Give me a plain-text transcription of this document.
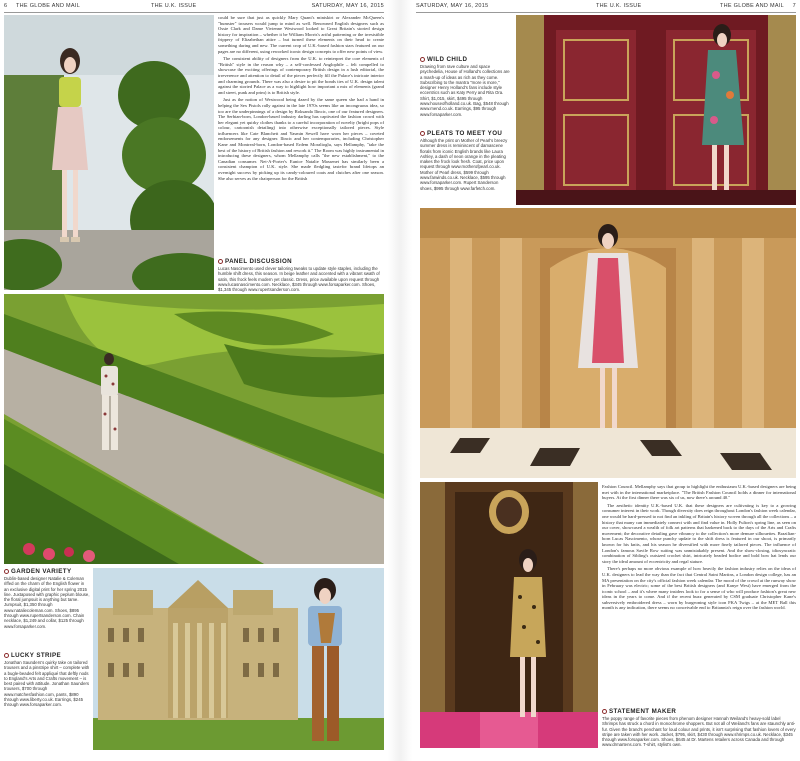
6 THE GLOBE AND MAIL	THE U.K. ISSUE	SATURDAY, MAY 16, 2015

could be sure that just as quickly Mary Quant's miniskirt or Alexander McQueen's "bumster" trousers would jump to mind as well. Renowned English designers such as Ossie Clark and Dame Vivienne Westwood looked to Great Britain's storied design history for inspiration – whether it be William Morris's artful patterning or the irresistible frippery of Elizabethan attire – but turned these elements on their head to create something daring and new. The current crop of U.K.-based fashion stars featured on our pages are no different, using reworked iconic design concepts to offer new points of view.

The consistent ability of designers from the U.K. to reinterpret the core elements of "British" style in the reason why – a self-confessed Anglophile – felt compelled to showcase the exciting offerings of contemporary British design in a lush editorial, the irreverence and attention to detail of the pieces perfectly fill the Palace's intricate interior and charming grounds. There was also a desire to pit the bonds ties of U.K. design talent against the storied Palace as a way to highlight how important a mix of elements (grand and street, punk and prim) is to British style.

Just as the notion of Westwood being dazed by the same queen she had a hand in helping the Sex Pistols rally against in the late 1970s seems like an incongruous idea, so too are the underpinnings of a design by Roksanda Ilincic, one of our featured designers. The Serbian-born, London-based industry darling has captivated the fashion crowd with her elegant yet quirky clothes thanks to a careful incorporation of novelty (bright pops of colour, cartoonish detailing) into otherwise exceptionally tailored pieces. Style influencers like Cate Blanchett and Yasmin Sewell have worn her pieces – coveted endorsements for any designer. Ilincic and her contemporaries, including Christopher Kane and Montreal-born, London-based Erdem Moralioglu, says Hellamphy, "take the best of the history of British fashion and rework it." The Room was highly instrumental in introducing these designers, whom Mellamphy calls "the new establishment," to the Canadian consumer. Net-A-Porter's Eunice Natalie Massenet has similarly been a consistent champion of U.K. style. She made fledgling tastefor brand lifetops an overnight success by picking up its candy-coloured coats and clutches after one season. She also serves as the chairperson for the British

PANEL DISCUSSION
Lucas Nascimento used clever tailoring tweaks to update style staples, including the humble shift dress, this season. In beige leather and accented with a vibrant swath of satin, this frock feels modern yet classic. Dress, price available upon request through www.lucasnascimento.com. Necklace, $345 through www.forsaparker.com. Shoes, $1,345 through www.rupertsanderson.com.
GARDEN VARIETY
Dublin-based designer Natalie & Coleman riffed on the charm of the English flower in an exclusive digital print for her spring 2015 line. Juxtaposed with graphic peplum blouse, the floral jumpsuit is anything but tame. Jumpsuit, $1,350 through www.nataliecoleman.com. Shoes, $895 through www.rupertsanderson.com. Chain necklace, $1,249 and collar, $125 through www.forsaparker.com.
LUCKY STRIPE
Jonathan Saunders's quirky take on tailored trousers and a pinstripe shirt – complete with a bugle-beaded felt appliqué that deftly nods to England's Arts and Crafts movement – is best paired with attitude. Jonathan Saunders trousers, $700 through www.matchesfashion.com, pants, $890 through www.liberty.co.uk. Earrings, $245 through www.forsaparker.com.
SATURDAY, MAY 16, 2015	THE U.K. ISSUE	THE GLOBE AND MAIL 7
WILD CHILD
Drawing from rave culture and space psychedelia, House of Holland's collections are a mash-up of ideas as rich as they come. Subscribing to the mantra "more is more," designer Henry Holland's fans include style eccentrics such as Katy Perry and Rita Ora. Shirt, $1,015, skirt, $495 through www.houseofholland.co.uk. Bag, $548 through www.mend.co.uk. Earrings, $95 through www.forsaparker.com.
PLEATS TO MEET YOU
Although the print on Mother of Pearl's breezy summer dress is reminiscent of damascene florals from iconic English brands like Laura Ashley, a dash of neon orange in the pleating makes the frock look fresh. Coat, price upon request through www.motherofpearl.co.uk. Mother of Pearl dress, $599 through www.farwinds.co.uk. Necklace, $595 through www.forsaparker.com. Rupert Sanderson shoes, $995 through www.farfetch.com.

Fashion Council. Mellamphy says that group to highlight the enthusiasm U.K.-based designers are being met with in the international marketplace. "The British Fashion Council holds a dinner for international buyers. At the first dinner there was six of us, now there's around 40."

The aesthetic identity U.K.-based U.K. that these designers are cultivating is key to a growing consumer interest in their work. Though diversity does reign throughout London's fashion week calendar, one would be hard-pressed to not find an inkling of Britain's history woven through all the collections – a history that many can immediately connect with and find value in. Holly Fulton's spring line, as seen on our cover, showcased a wealth of folk art patterns that harkened back to the days of the Arts and Crafts movement; the decorative detailing gave vibrancy to the collection's more demure silhouettes. Brazilian-born Lucas Nascimento, whose punchy update to the shift dress is featured in our shoot, is primarily known for his knits, and his season he diversified with more finely tailored pieces. The influence of London's famous Savile Row suiting was unmistakably present. And the show-closing, idiosyncratic combination of Sibling's outsized crochet shirt, intricately beaded bodice and bold bow hat lends our story the ideal amount of eccentricity and regal stature.

There's perhaps no more obvious example of how heavily the fashion industry relies on the ideas of U.K. designers to lead the way than the fact that Central Saint Martins, a London design college, has an MA presentation on the city's official fashion week calendar. The mood of the crowd at the runway show in February was electric; some of the best British designers (and Kanye West) have emerged from the iconic school – and it's where many insiders look to for a sense of who will produce fashion's great new ideas in the years to come. And if the recent buzz generated by CSM graduate Christopher Kane's subversively embroidered dress – worn by burgeoning style icon FKA Twigs – at the MET Ball this month is any indication, there seems no conceivable end to Britannia's reign over the fashion world.

STATEMENT MAKER
The poppy range of favorite pieces from phenom designer Hannah Weiland's heavy-sold label Shrimps has struck a chord in monochrome shoppers. But not all of Weiland's fans are staunchly anti-fur. Given the brand's penchant for loud colour and prints, it isn't surprising that fashion lovers of every stripe are taken with her work. Jacket, $795, skirt, $430 through www.shrimps.co.uk. Necklace, $345 through www.forsaparker.com. Shoes, $645 at Dr. Martens retailers across Canada and through www.drmartens.com. T-shirt, stylist's own.
